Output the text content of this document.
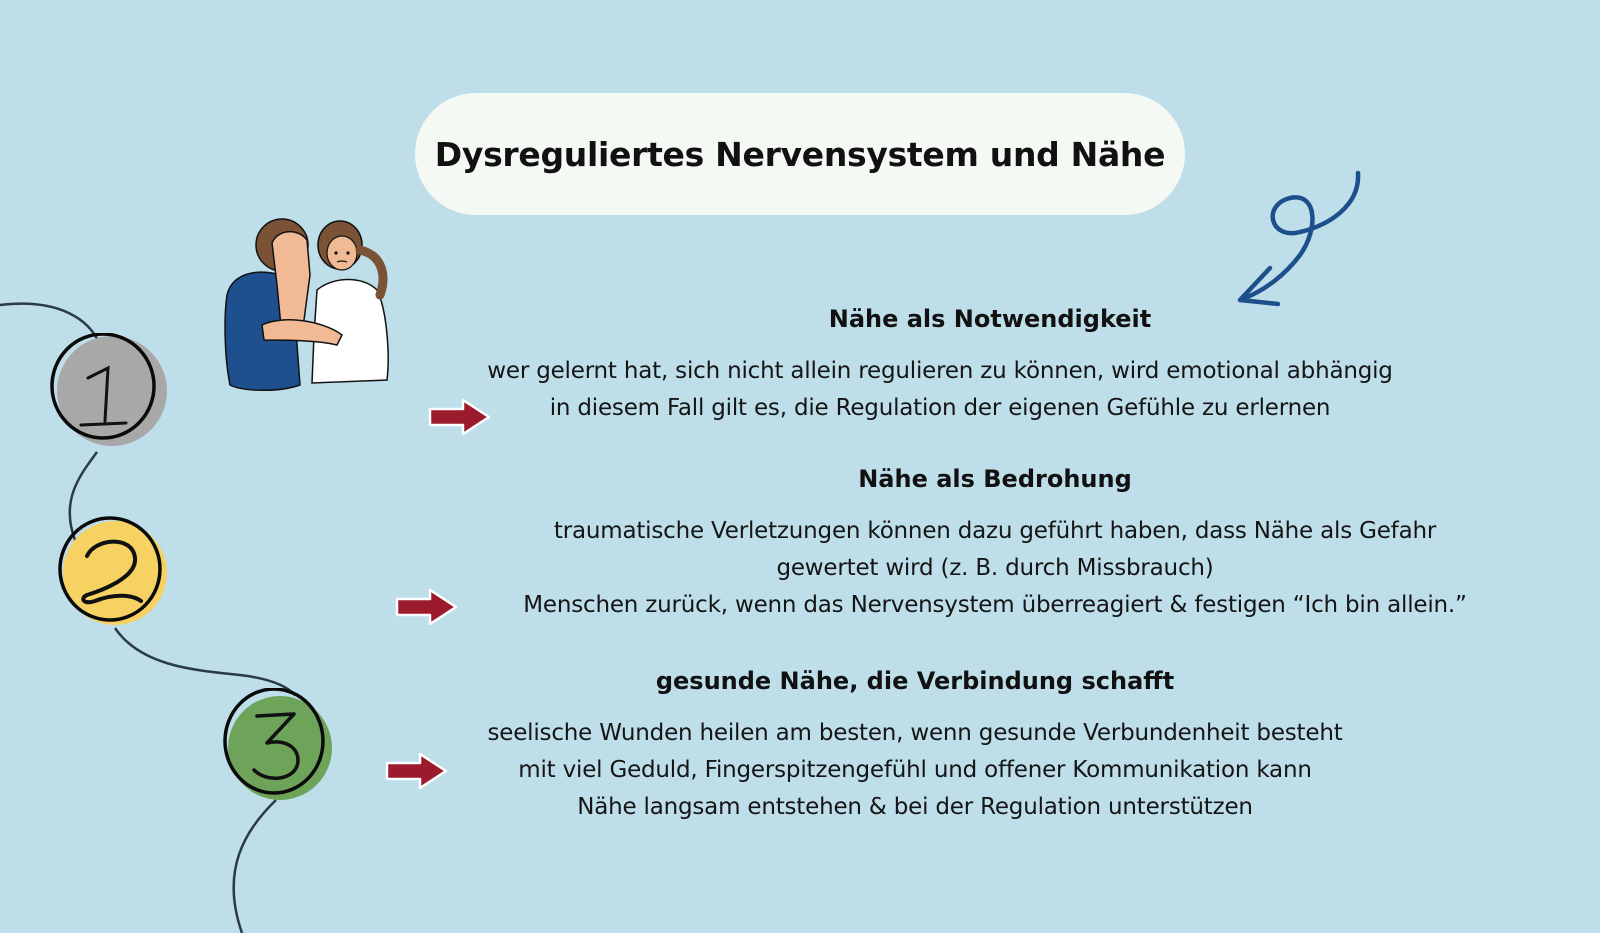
Dysreguliertes Nervensystem und Nähe
Nähe als Notwendigkeit
wer gelernt hat, sich nicht allein regulieren zu können, wird emotional abhängig
in diesem Fall gilt es, die Regulation der eigenen Gefühle zu erlernen
Nähe als Bedrohung
traumatische Verletzungen können dazu geführt haben, dass Nähe als Gefahr
gewertet wird (z. B. durch Missbrauch)
Menschen zurück, wenn das Nervensystem überreagiert & festigen “Ich bin allein.”
gesunde Nähe, die Verbindung schafft
seelische Wunden heilen am besten, wenn gesunde Verbundenheit besteht
mit viel Geduld, Fingerspitzengefühl und offener Kommunikation kann
Nähe langsam entstehen & bei der Regulation unterstützen
